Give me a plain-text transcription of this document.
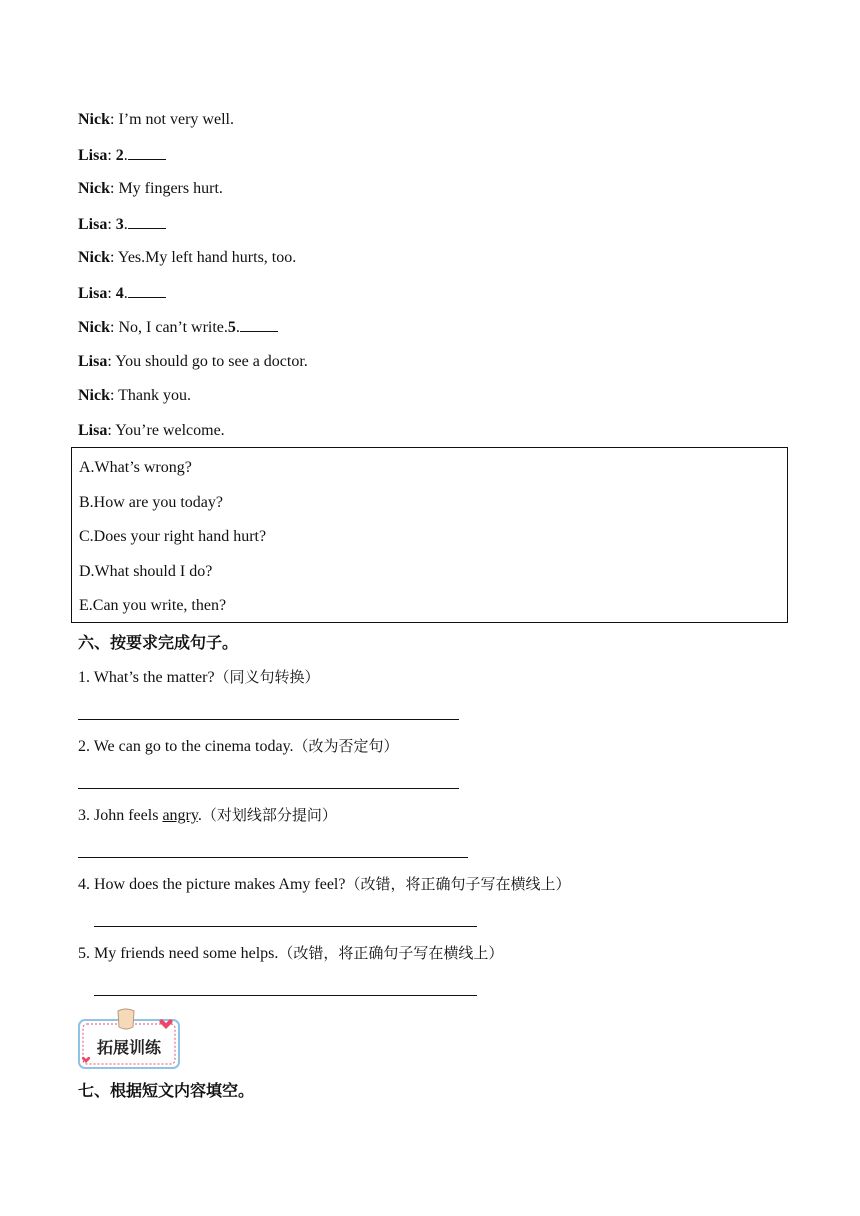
Nick: I’m not very well.
Lisa: 2.
Nick: My fingers hurt.
Lisa: 3.
Nick: Yes.My left hand hurts, too.
Lisa: 4.
Nick: No, I can’t write.5.
Lisa: You should go to see a doctor.
Nick: Thank you.
Lisa: You’re welcome.
A.What’s wrong?
B.How are you today?
C.Does your right hand hurt?
D.What should I do?
E.Can you write, then?
六、按要求完成句子。
1. What’s the matter?（同义句转换）
2. We can go to the cinema today.（改为否定句）
3. John feels angry.（对划线部分提问）
4. How does the picture makes Amy feel?（改错，将正确句子写在横线上）
5. My friends need some helps.（改错，将正确句子写在横线上）
拓展训练
七、根据短文内容填空。
